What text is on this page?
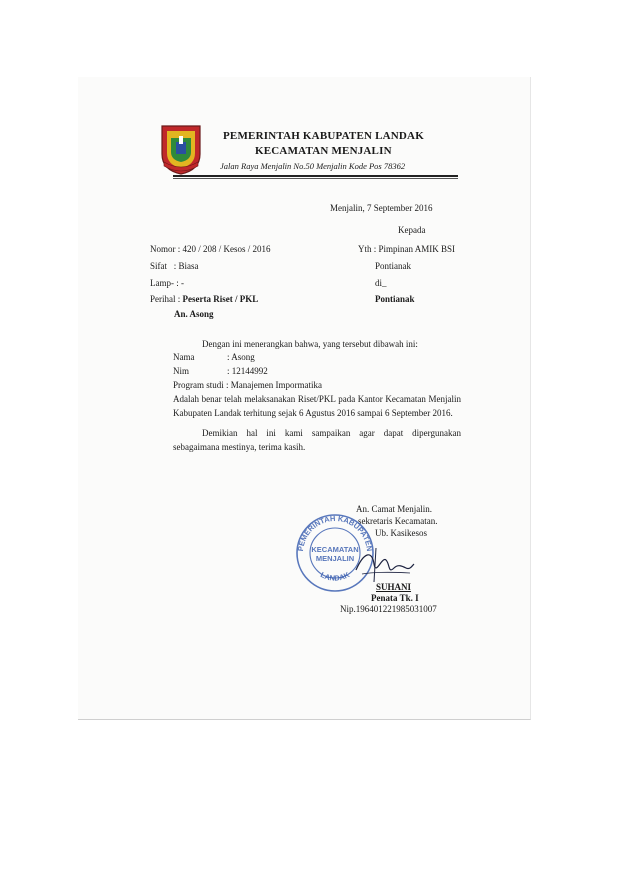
PEMERINTAH KABUPATEN LANDAK
KECAMATAN MENJALIN
Jalan Raya Menjalin No.50 Menjalin Kode Pos 78362
Menjalin, 7 September 2016
Kepada
Nomor : 420 / 208 / Kesos / 2016
Sifat   : Biasa
Lamp- : -
Perihal : Peserta Riset / PKL
An. Asong
Yth : Pimpinan AMIK BSI
Pontianak
di_
Pontianak
Dengan ini menerangkan bahwa, yang tersebut dibawah ini:
Nama	: Asong
Nim	: 12144992
Program studi : Manajemen Impormatika
Adalah benar telah melaksanakan Riset/PKL pada Kantor Kecamatan Menjalin Kabupaten Landak terhitung sejak 6 Agustus 2016 sampai 6 September 2016.
Demikian hal ini kami sampaikan agar dapat dipergunakan sebagaimana mestinya, terima kasih.
An. Camat Menjalin.
sekretaris Kecamatan.
Ub. Kasikesos
PEMERINTAH KABUPATEN
LANDAK
KECAMATAN
MENJALIN
SUHANI
Penata Tk. I
Nip.196401221985031007
